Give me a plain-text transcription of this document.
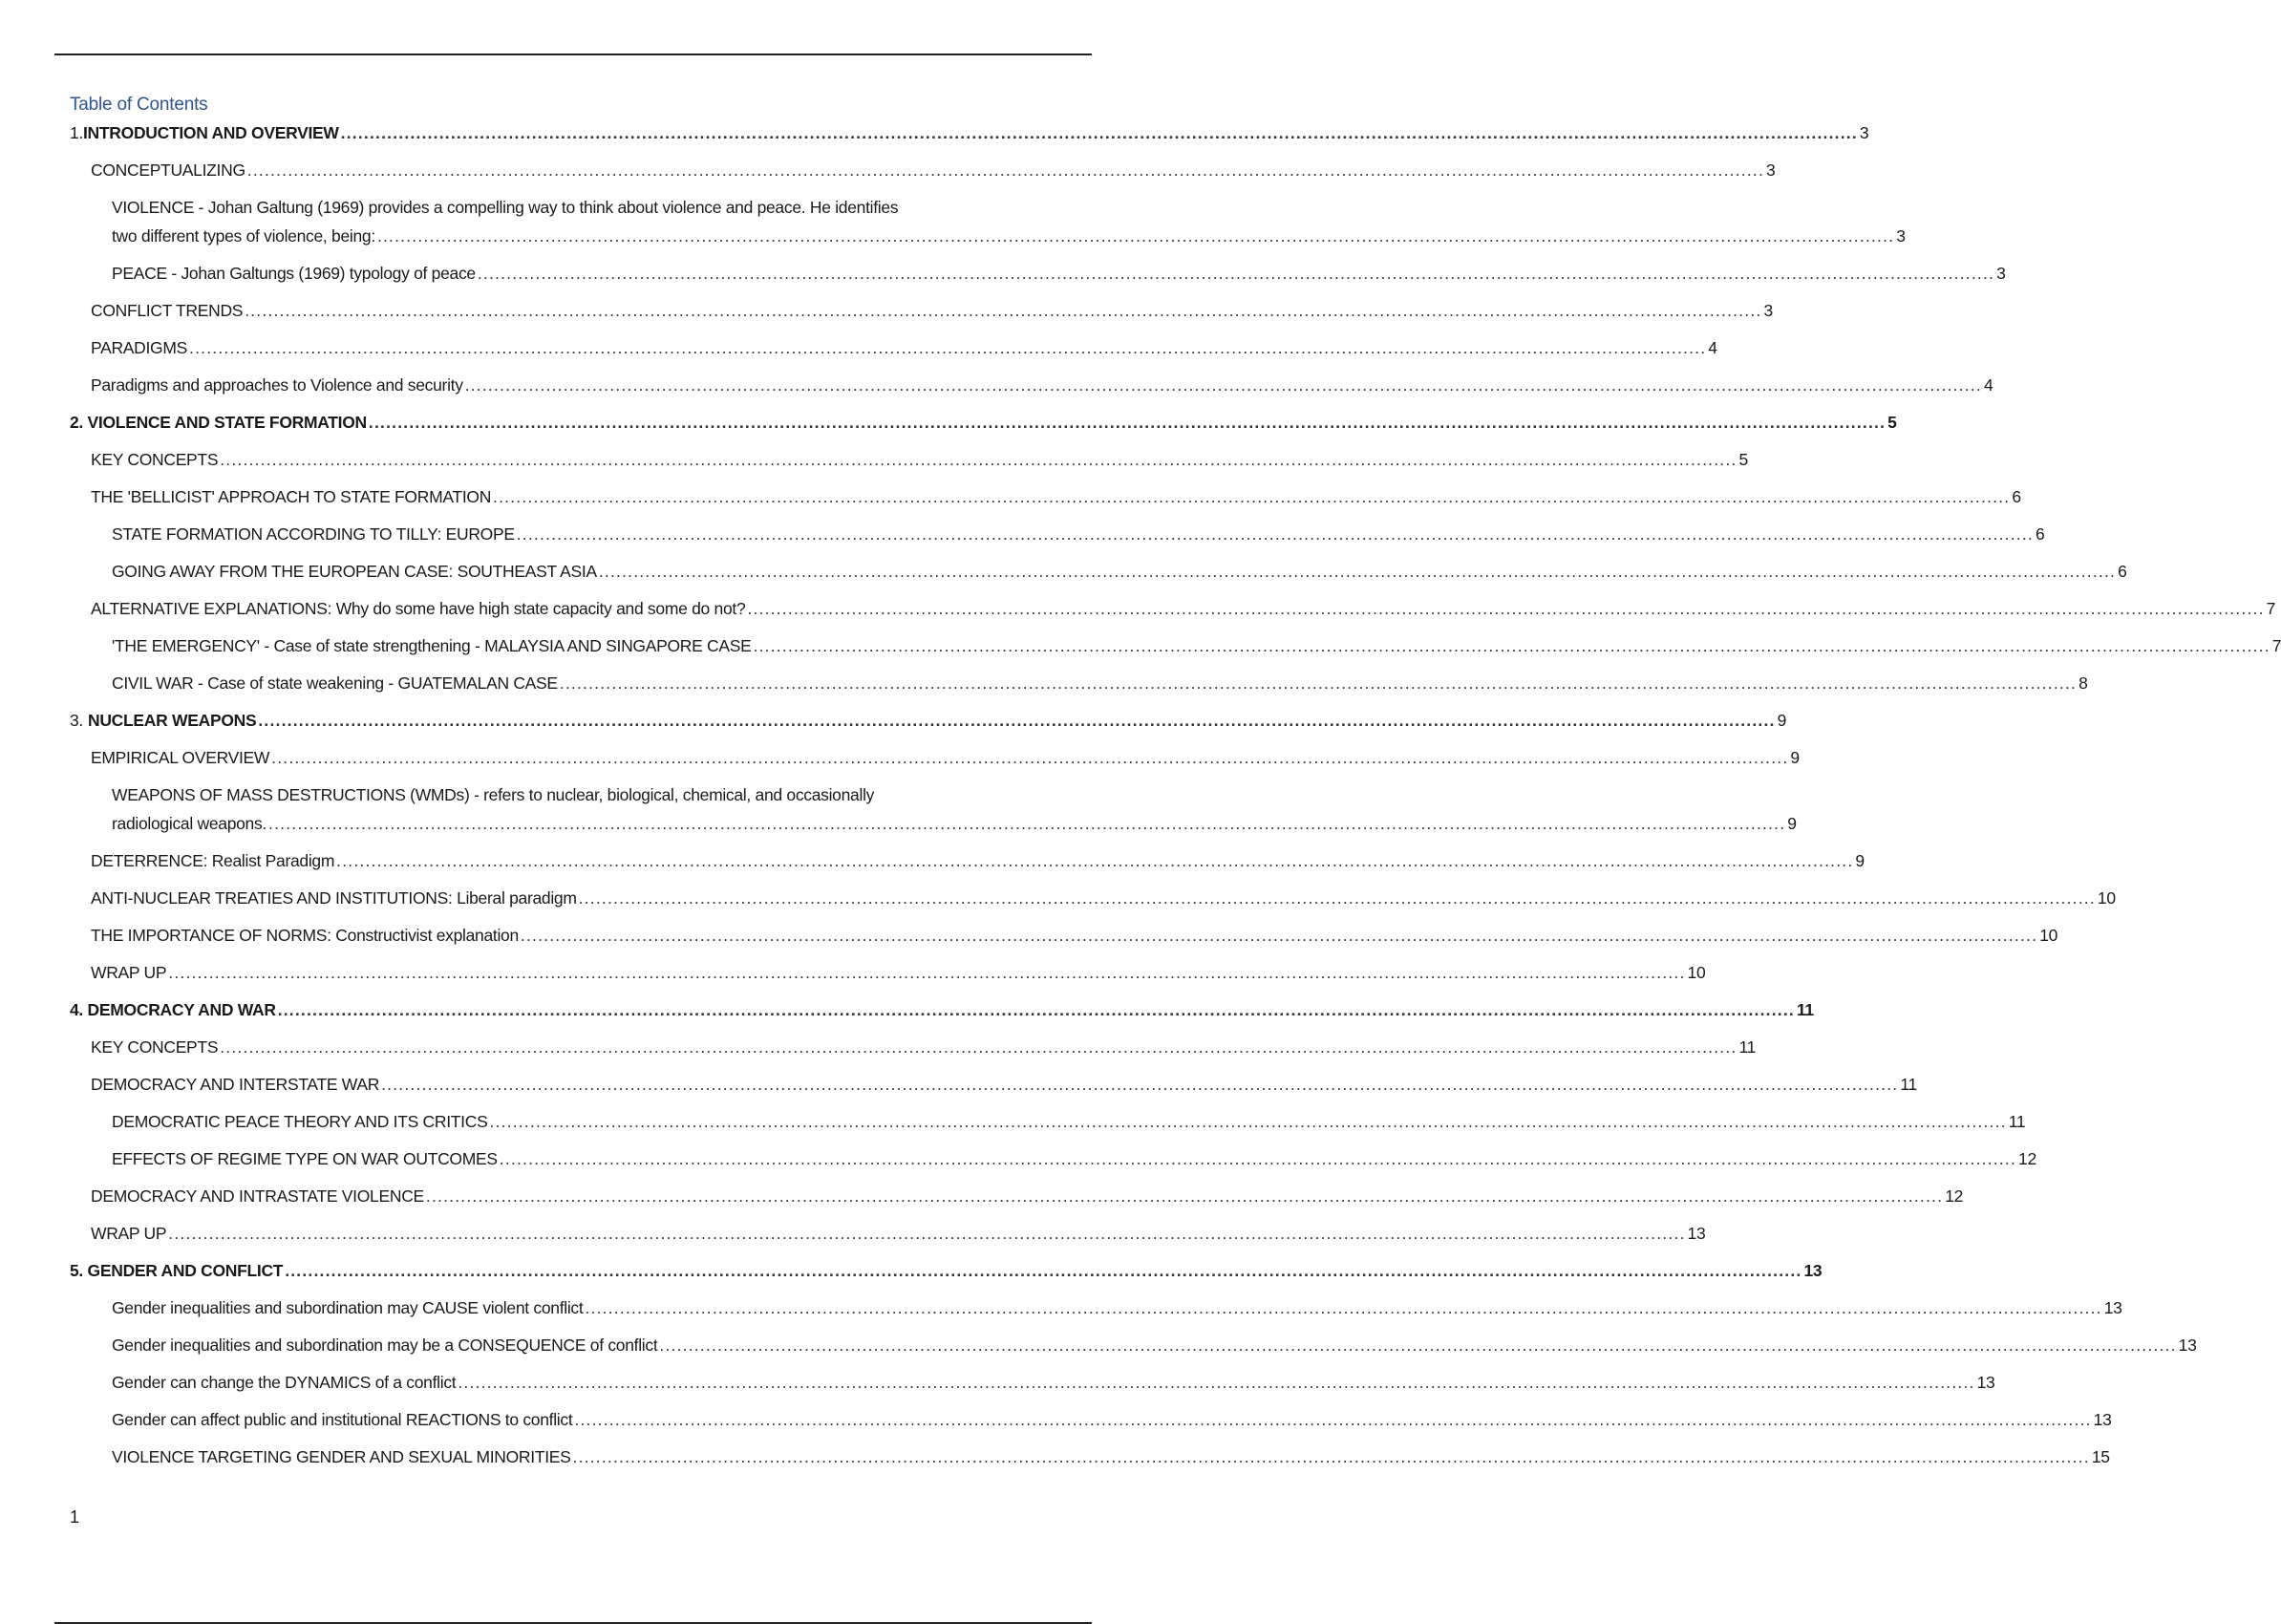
Table of Contents
1. INTRODUCTION AND OVERVIEW .....	3
CONCEPTUALIZING .....	3
VIOLENCE - Johan Galtung (1969) provides a compelling way to think about violence and peace. He identifies
two different types of violence, being: .....	3
PEACE - Johan Galtungs (1969) typology of peace .....	3
CONFLICT TRENDS .....	3
PARADIGMS .....	4
Paradigms and approaches to Violence and security .....	4
2. VIOLENCE AND STATE FORMATION .....	5
KEY CONCEPTS .....	5
THE 'BELLICIST' APPROACH TO STATE FORMATION .....	6
STATE FORMATION ACCORDING TO TILLY: EUROPE .....	6
GOING AWAY FROM THE EUROPEAN CASE: SOUTHEAST ASIA .....	6
ALTERNATIVE EXPLANATIONS: Why do some have high state capacity and some do not? .....	7
'THE EMERGENCY' - Case of state strengthening - MALAYSIA AND SINGAPORE CASE .....	7
CIVIL WAR - Case of state weakening - GUATEMALAN CASE .....	8
3. NUCLEAR WEAPONS .....	9
EMPIRICAL OVERVIEW .....	9
WEAPONS OF MASS DESTRUCTIONS (WMDs) - refers to nuclear, biological, chemical, and occasionally
radiological weapons. .....	9
DETERRENCE: Realist Paradigm .....	9
ANTI-NUCLEAR TREATIES AND INSTITUTIONS: Liberal paradigm .....	10
THE IMPORTANCE OF NORMS: Constructivist explanation .....	10
WRAP UP .....	10
4. DEMOCRACY AND WAR .....	11
KEY CONCEPTS .....	11
DEMOCRACY AND INTERSTATE WAR .....	11
DEMOCRATIC PEACE THEORY AND ITS CRITICS .....	11
EFFECTS OF REGIME TYPE ON WAR OUTCOMES .....	12
DEMOCRACY AND INTRASTATE VIOLENCE .....	12
WRAP UP .....	13
5. GENDER AND CONFLICT .....	13
Gender inequalities and subordination may CAUSE violent conflict .....	13
Gender inequalities and subordination may be a CONSEQUENCE of conflict .....	13
Gender can change the DYNAMICS of a conflict .....	13
Gender can affect public and institutional REACTIONS to conflict .....	13
VIOLENCE TARGETING GENDER AND SEXUAL MINORITIES .....	15
1
